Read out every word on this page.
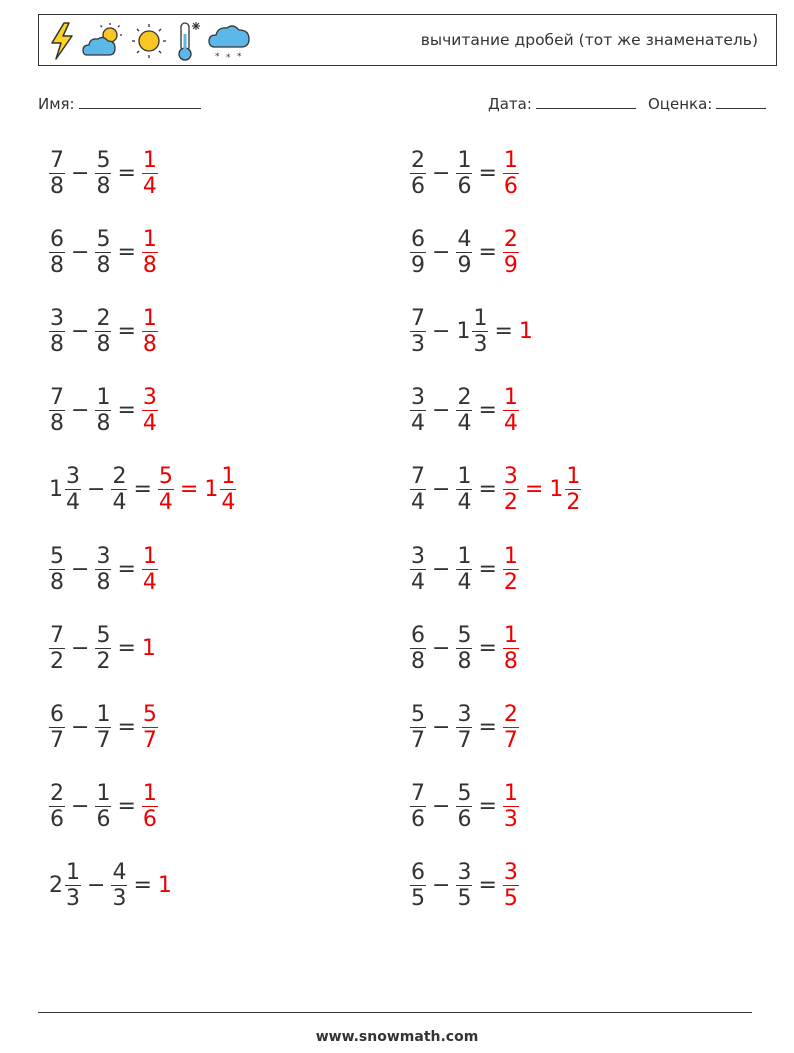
* * *
вычитание дробей (тот же знаменатель)
Имя:	Дата:	Оценка:
$\frac{7}{8} - \frac{5}{8} = \frac{1}{4}$
$\frac{6}{8} - \frac{5}{8} = \frac{1}{8}$
$\frac{3}{8} - \frac{2}{8} = \frac{1}{8}$
$\frac{7}{8} - \frac{1}{8} = \frac{3}{4}$
$1 \frac{3}{4} - \frac{2}{4} = \frac{5}{4} = 1 \frac{1}{4}$
$\frac{5}{8} - \frac{3}{8} = \frac{1}{4}$
$\frac{7}{2} - \frac{5}{2} = 1$
$\frac{6}{7} - \frac{1}{7} = \frac{5}{7}$
$\frac{2}{6} - \frac{1}{6} = \frac{1}{6}$
$2 \frac{1}{3} - \frac{4}{3} = 1$
$\frac{2}{6} - \frac{1}{6} = \frac{1}{6}$
$\frac{6}{9} - \frac{4}{9} = \frac{2}{9}$
$\frac{7}{3} - 1 \frac{1}{3} = 1$
$\frac{3}{4} - \frac{2}{4} = \frac{1}{4}$
$\frac{7}{4} - \frac{1}{4} = \frac{3}{2} = 1 \frac{1}{2}$
$\frac{3}{4} - \frac{1}{4} = \frac{1}{2}$
$\frac{6}{8} - \frac{5}{8} = \frac{1}{8}$
$\frac{5}{7} - \frac{3}{7} = \frac{2}{7}$
$\frac{7}{6} - \frac{5}{6} = \frac{1}{3}$
$\frac{6}{5} - \frac{3}{5} = \frac{3}{5}$
www.snowmath.com
